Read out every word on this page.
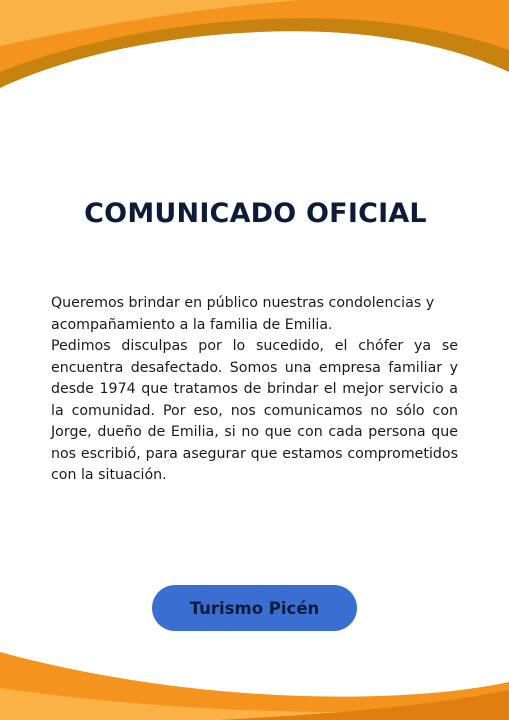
COMUNICADO OFICIAL

Queremos brindar en público nuestras condolencias y acompañamiento a la familia de Emilia.

Pedimos disculpas por lo sucedido, el chófer ya se encuentra desafectado. Somos una empresa familiar y desde 1974 que tratamos de brindar el mejor servicio a la comunidad. Por eso, nos comunicamos no sólo con Jorge, dueño de Emilia, si no que con cada persona que nos escribió, para asegurar que estamos comprometidos con la situación.

Turismo Picén
